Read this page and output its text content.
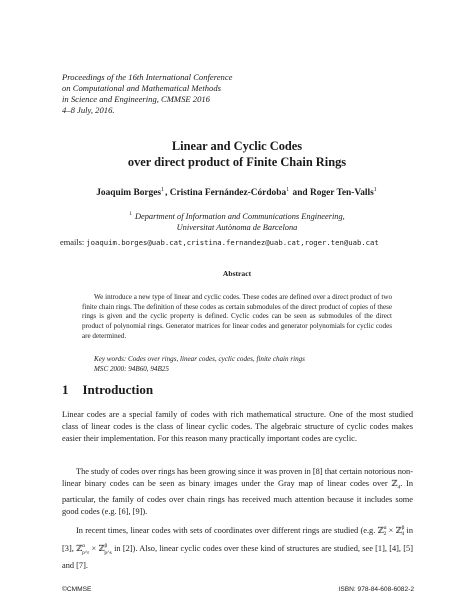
Proceedings of the 16th International Conference
on Computational and Mathematical Methods
in Science and Engineering, CMMSE 2016
4–8 July, 2016.
Linear and Cyclic Codes
over direct product of Finite Chain Rings
Joaquim Borges$^1$, Cristina Fernández-Córdoba$^1$ and Roger Ten-Valls$^1$
$^1$ Department of Information and Communications Engineering,
Universitat Autònoma de Barcelona
emails: joaquim.borges@uab.cat,cristina.fernandez@uab.cat,roger.ten@uab.cat
Abstract
We introduce a new type of linear and cyclic codes. These codes are defined over a direct product of two finite chain rings. The definition of these codes as certain submodules of the direct product of copies of these rings is given and the cyclic property is defined. Cyclic codes can be seen as submodules of the direct product of polynomial rings. Generator matrices for linear codes and generator polynomials for cyclic codes are determined.
Key words: Codes over rings, linear codes, cyclic codes, finite chain rings
MSC 2000: 94B60, 94B25
1 Introduction
Linear codes are a special family of codes with rich mathematical structure. One of the most studied class of linear codes is the class of linear cyclic codes. The algebraic structure of cyclic codes makes easier their implementation. For this reason many practically important codes are cyclic.
The study of codes over rings has been growing since it was proven in [8] that certain notorious non-linear binary codes can be seen as binary images under the Gray map of linear codes over ℤ$_4$. In particular, the family of codes over chain rings has received much attention because it includes some good codes (e.g. [6], [9]).
In recent times, linear codes with sets of coordinates over different rings are studied (e.g. ℤ$^\alpha_2$ × ℤ$^\beta_4$ in [3], ℤ$^\alpha_{p\^{}r}$ × ℤ$^\beta_{p\^{}s}$ in [2]). Also, linear cyclic codes over these kind of structures are studied, see [1], [4], [5] and [7].
©CMMSE	ISBN: 978-84-608-6082-2
